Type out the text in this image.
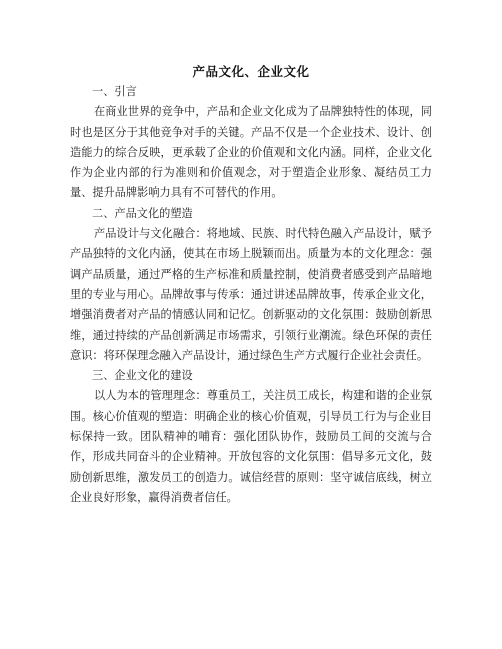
产品文化、企业文化

一、引言

在商业世界的竞争中，产品和企业文化成为了品牌独特性的体现，同时也是区分于其他竞争对手的关键。产品不仅是一个企业技术、设计、创造能力的综合反映，更承载了企业的价值观和文化内涵。同样，企业文化作为企业内部的行为准则和价值观念，对于塑造企业形象、凝结员工力量、提升品牌影响力具有不可替代的作用。

二、产品文化的塑造

产品设计与文化融合：将地域、民族、时代特色融入产品设计，赋予产品独特的文化内涵，使其在市场上脱颖而出。质量为本的文化理念：强调产品质量，通过严格的生产标准和质量控制，使消费者感受到产品暗地里的专业与用心。品牌故事与传承：通过讲述品牌故事，传承企业文化，增强消费者对产品的情感认同和记忆。创新驱动的文化氛围：鼓励创新思维，通过持续的产品创新满足市场需求，引领行业潮流。绿色环保的责任意识：将环保理念融入产品设计，通过绿色生产方式履行企业社会责任。

三、企业文化的建设

以人为本的管理理念：尊重员工，关注员工成长，构建和谐的企业氛围。核心价值观的塑造：明确企业的核心价值观，引导员工行为与企业目标保持一致。团队精神的哺育：强化团队协作，鼓励员工间的交流与合作，形成共同奋斗的企业精神。开放包容的文化氛围：倡导多元文化，鼓励创新思维，激发员工的创造力。诚信经营的原则：坚守诚信底线，树立企业良好形象，赢得消费者信任。
